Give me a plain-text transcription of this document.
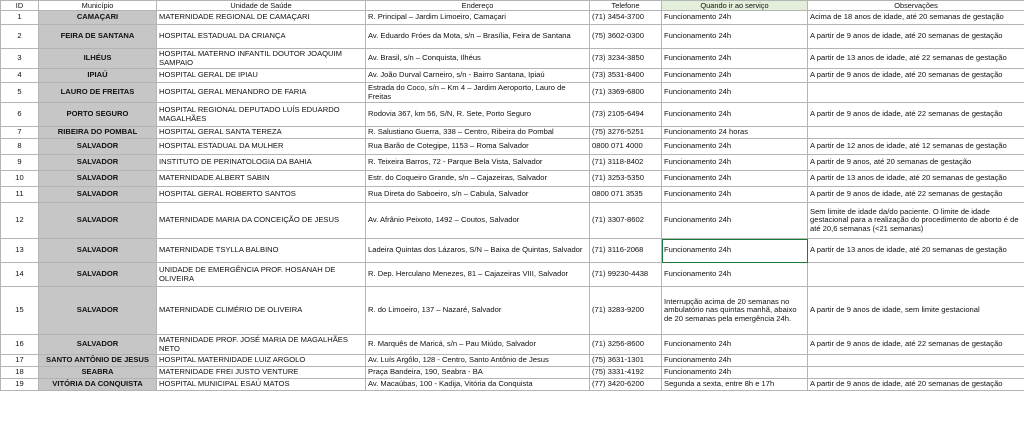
ID	Município	Unidade de Saúde	Endereço	Telefone	Quando ir ao serviço	Observações
1	CAMAÇARI	MATERNIDADE REGIONAL DE CAMAÇARI	R. Principal – Jardim Limoeiro, Camaçari	(71) 3454-3700	Funcionamento 24h	Acima de 18 anos de idade, até 20 semanas de gestação
2	FEIRA DE SANTANA	HOSPITAL ESTADUAL DA CRIANÇA	Av. Eduardo Fróes da Mota, s/n – Brasília, Feira de Santana	(75) 3602-0300	Funcionamento 24h	A partir de 9 anos de idade, até 20 semanas de gestação
3	ILHÉUS	HOSPITAL MATERNO INFANTIL DOUTOR JOAQUIM SAMPAIO	Av. Brasil, s/n – Conquista, Ilhéus	(73) 3234-3850	Funcionamento 24h	A partir de 13 anos de idade, até 22 semanas de gestação
4	IPIAÚ	HOSPITAL GERAL DE IPIAU	Av. João Durval Carneiro, s/n - Bairro Santana, Ipiaú	(73) 3531-8400	Funcionamento 24h	A partir de 9 anos de idade, até 20 semanas de gestação
5	LAURO DE FREITAS	HOSPITAL GERAL MENANDRO DE FARIA	Estrada do Coco, s/n – Km 4 – Jardim Aeroporto, Lauro de Freitas	(71) 3369-6800	Funcionamento 24h	
6	PORTO SEGURO	HOSPITAL REGIONAL DEPUTADO LUÍS EDUARDO MAGALHÃES	Rodovia 367, km 56, S/N, R. Sete, Porto Seguro	(73) 2105-6494	Funcionamento 24h	A partir de 9 anos de idade, até 22 semanas de gestação
7	RIBEIRA DO POMBAL	HOSPITAL GERAL SANTA TEREZA	R. Salustiano Guerra, 338 – Centro, Ribeira do Pombal	(75) 3276-5251	Funcionamento 24 horas	
8	SALVADOR	HOSPITAL ESTADUAL DA MULHER	Rua Barão de Cotegipe, 1153 – Roma Salvador	0800 071 4000	Funcionamento 24h	A partir de 12 anos de idade, até 12 semanas de gestação
9	SALVADOR	INSTITUTO DE PERINATOLOGIA DA BAHIA	R. Teixeira Barros, 72 - Parque Bela Vista, Salvador	(71) 3118-8402	Funcionamento 24h	A partir de 9 anos, até 20 semanas de gestação
10	SALVADOR	MATERNIDADE ALBERT SABIN	Estr. do Coqueiro Grande, s/n – Cajazeiras, Salvador	(71) 3253-5350	Funcionamento 24h	A partir de 13 anos de idade, até 20 semanas de gestação
11	SALVADOR	HOSPITAL GERAL ROBERTO SANTOS	Rua Direta do Saboeiro, s/n – Cabula, Salvador	0800 071 3535	Funcionamento 24h	A partir de 9 anos de idade, até 22 semanas de gestação
12	SALVADOR	MATERNIDADE MARIA DA CONCEIÇÃO DE JESUS	Av. Afrânio Peixoto, 1492 – Coutos, Salvador	(71) 3307-8602	Funcionamento 24h	Sem limite de idade da/do paciente. O limite de idade gestacional para a realização do procedimento de aborto é de até 20,6 semanas (<21 semanas)
13	SALVADOR	MATERNIDADE TSYLLA BALBINO	Ladeira Quintas dos Lázaros, S/N – Baixa de Quintas, Salvador	(71) 3116-2068	Funcionamento 24h	A partir de 13 anos de idade, até 20 semanas de gestação
14	SALVADOR	UNIDADE DE EMERGÊNCIA PROF. HOSANAH DE OLIVEIRA	R. Dep. Herculano Menezes, 81 – Cajazeiras VIII, Salvador	(71) 99230-4438	Funcionamento 24h	
15	SALVADOR	MATERNIDADE CLIMÉRIO DE OLIVEIRA	R. do Limoeiro, 137 – Nazaré, Salvador	(71) 3283-9200	Interrupção acima de 20 semanas no ambulatório nas quintas manhã, abaixo de 20 semanas pela emergência 24h.	A partir de 9 anos de idade, sem limite gestacional
16	SALVADOR	MATERNIDADE PROF. JOSÉ MARIA DE MAGALHÃES NETO	R. Marquês de Maricá, s/n – Pau Miúdo, Salvador	(71) 3256-8600	Funcionamento 24h	A partir de 9 anos de idade, até 22 semanas de gestação
17	SANTO ANTÔNIO DE JESUS	HOSPITAL MATERNIDADE LUIZ ARGOLO	Av. Luís Argôlo, 128 - Centro, Santo Antônio de Jesus	(75) 3631-1301	Funcionamento 24h	
18	SEABRA	MATERNIDADE FREI JUSTO VENTURE	Praça Bandeira, 190, Seabra - BA	(75) 3331-4192	Funcionamento 24h	
19	VITÓRIA DA CONQUISTA	HOSPITAL MUNICIPAL ESAÚ MATOS	Av. Macaúbas, 100 - Kadija, Vitória da Conquista	(77) 3420-6200	Segunda a sexta, entre 8h e 17h	A partir de 9 anos de idade, até 20 semanas de gestação
